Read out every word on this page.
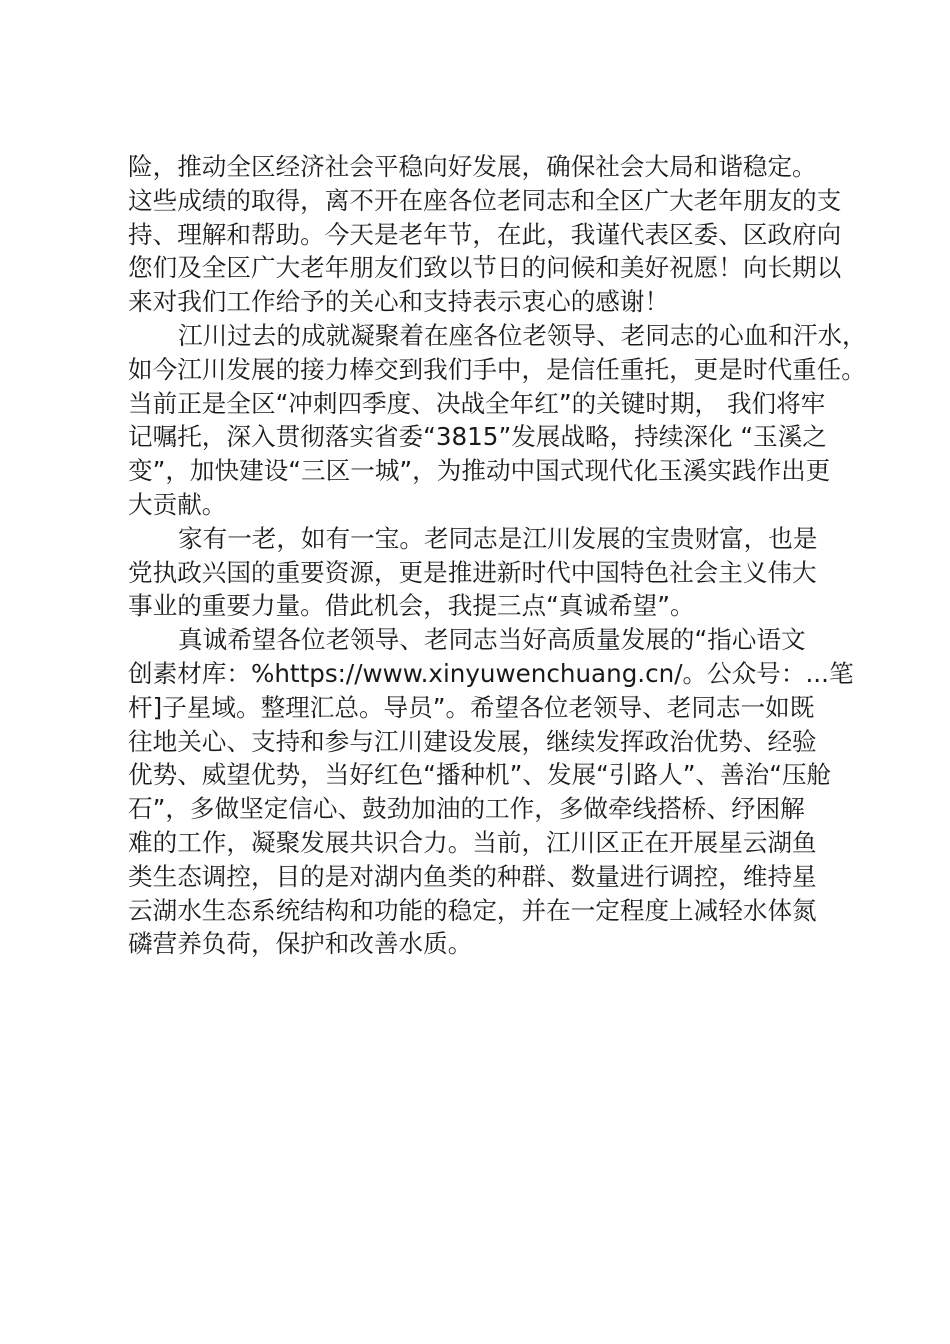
险，推动全区经济社会平稳向好发展，确保社会大局和谐稳定。
这些成绩的取得，离不开在座各位老同志和全区广大老年朋友的支
持、理解和帮助。今天是老年节，在此，我谨代表区委、区政府向
您们及全区广大老年朋友们致以节日的问候和美好祝愿！向长期以
来对我们工作给予的关心和支持表示衷心的感谢！
江川过去的成就凝聚着在座各位老领导、老同志的心血和汗水，
如今江川发展的接力棒交到我们手中，是信任重托，更是时代重任。
当前正是全区“冲刺四季度、决战全年红”的关键时期， 我们将牢
记嘱托，深入贯彻落实省委“3815”发展战略，持续深化 “玉溪之
变”，加快建设“三区一城”，为推动中国式现代化玉溪实践作出更
大贡献。
家有一老，如有一宝。老同志是江川发展的宝贵财富，也是
党执政兴国的重要资源，更是推进新时代中国特色社会主义伟大
事业的重要力量。借此机会，我提三点“真诚希望”。
真诚希望各位老领导、老同志当好高质量发展的“指心语文
创素材库：%https://www.xinyuwenchuang.cn/。公众号：...笔
杆]子星域。整理汇总。导员”。希望各位老领导、老同志一如既
往地关心、支持和参与江川建设发展，继续发挥政治优势、经验
优势、威望优势，当好红色“播种机”、发展“引路人”、善治“压舱
石”，多做坚定信心、鼓劲加油的工作，多做牵线搭桥、纾困解
难的工作，凝聚发展共识合力。当前，江川区正在开展星云湖鱼
类生态调控，目的是对湖内鱼类的种群、数量进行调控，维持星
云湖水生态系统结构和功能的稳定，并在一定程度上减轻水体氮
磷营养负荷，保护和改善水质。
